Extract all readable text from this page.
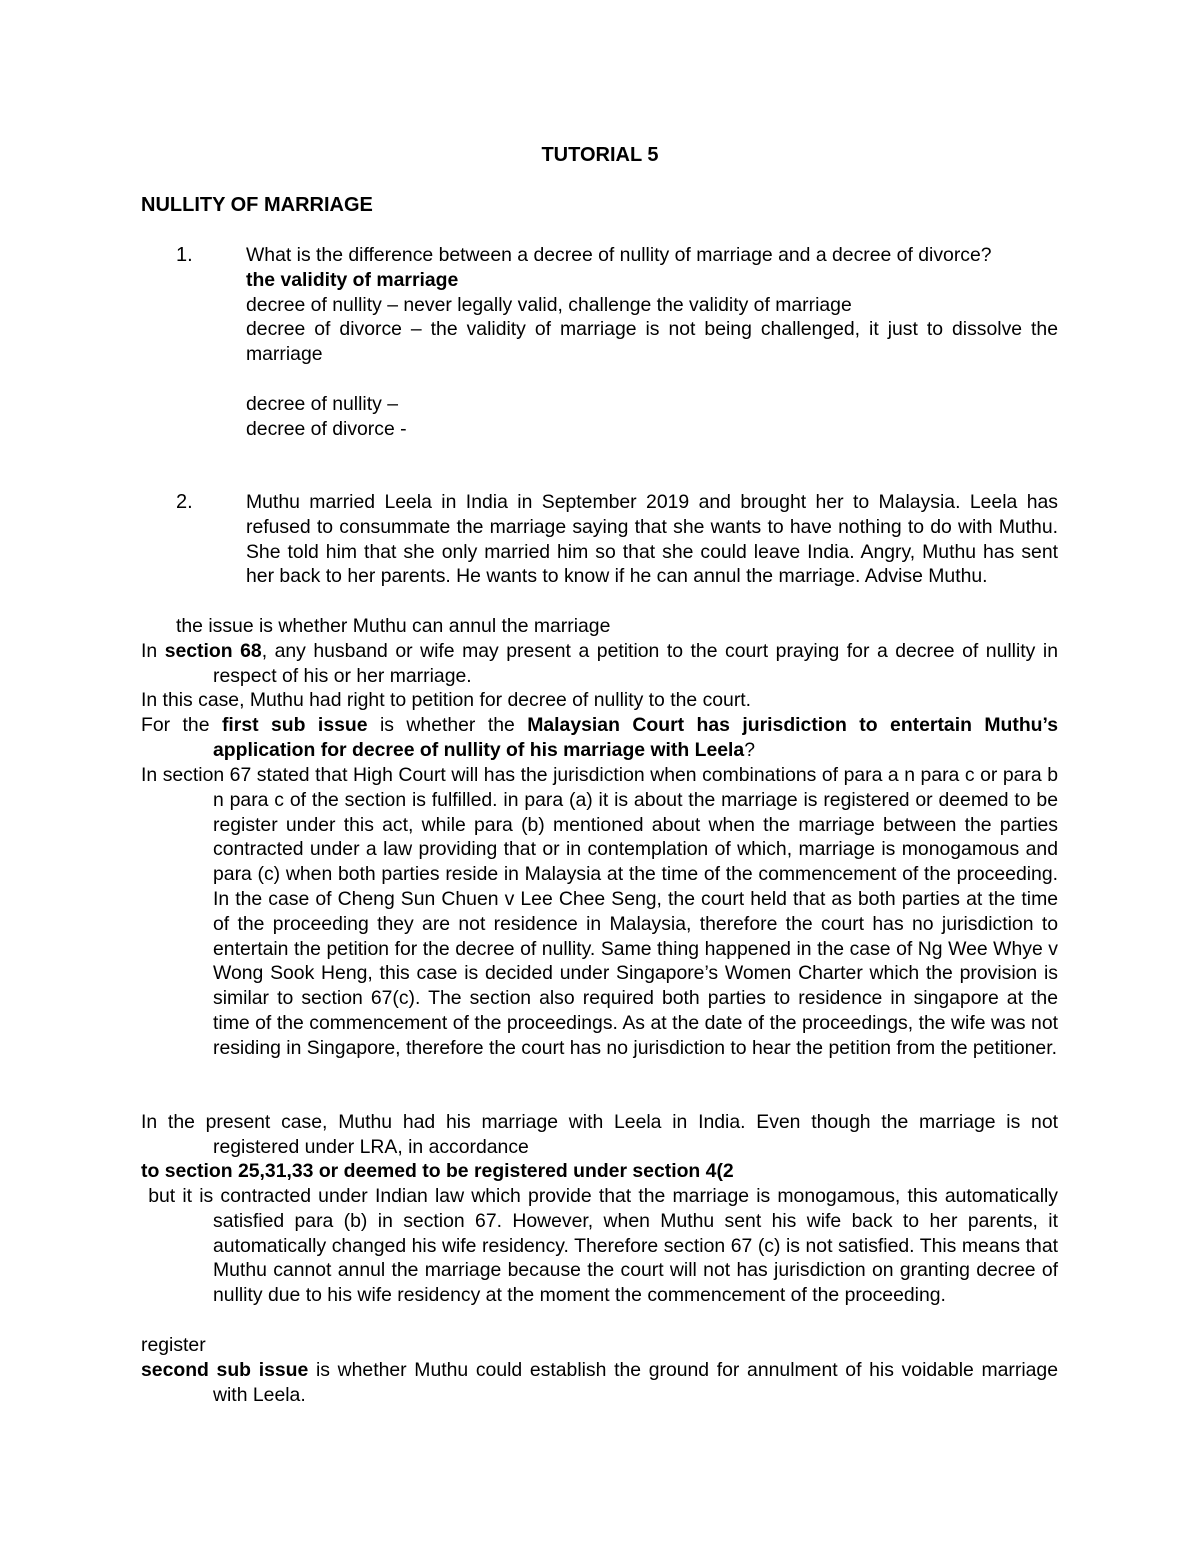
TUTORIAL 5
NULLITY OF MARRIAGE
1.	What is the difference between a decree of nullity of marriage and a decree of divorce?

the validity of marriage

decree of nullity – never legally valid, challenge the validity of marriage

decree of divorce – the validity of marriage is not being challenged, it just to dissolve the marriage

decree of nullity –

decree of divorce -

2.	Muthu married Leela in India in September 2019 and brought her to Malaysia. Leela has refused to consummate the marriage saying that she wants to have nothing to do with Muthu. She told him that she only married him so that she could leave India. Angry, Muthu has sent her back to her parents. He wants to know if he can annul the marriage. Advise Muthu.
the issue is whether Muthu can annul the marriage
In section 68, any husband or wife may present a petition to the court praying for a decree of nullity in respect of his or her marriage.
In this case, Muthu had right to petition for decree of nullity to the court.
For the first sub issue is whether the Malaysian Court has jurisdiction to entertain Muthu’s application for decree of nullity of his marriage with Leela?
In section 67 stated that High Court will has the jurisdiction when combinations of para a n para c or para b n para c of the section is fulfilled. in para (a) it is about the marriage is registered or deemed to be register under this act, while para (b) mentioned about when the marriage between the parties contracted under a law providing that or in contemplation of which, marriage is monogamous and para (c) when both parties reside in Malaysia at the time of the commencement of the proceeding. In the case of Cheng Sun Chuen v Lee Chee Seng, the court held that as both parties at the time of the proceeding they are not residence in Malaysia, therefore the court has no jurisdiction to entertain the petition for the decree of nullity. Same thing happened in the case of Ng Wee Whye v Wong Sook Heng, this case is decided under Singapore’s Women Charter which the provision is similar to section 67(c). The section also required both parties to residence in singapore at the time of the commencement of the proceedings. As at the date of the proceedings, the wife was not residing in Singapore, therefore the court has no jurisdiction to hear the petition from the petitioner.
In the present case, Muthu had his marriage with Leela in India. Even though the marriage is not registered under LRA, in accordance
to section 25,31,33 or deemed to be registered under section 4(2
but it is contracted under Indian law which provide that the marriage is monogamous, this automatically satisfied para (b) in section 67. However, when Muthu sent his wife back to her parents, it automatically changed his wife residency. Therefore section 67 (c) is not satisfied. This means that Muthu cannot annul the marriage because the court will not has jurisdiction on granting decree of nullity due to his wife residency at the moment the commencement of the proceeding.
register
second sub issue is whether Muthu could establish the ground for annulment of his voidable marriage with Leela.
